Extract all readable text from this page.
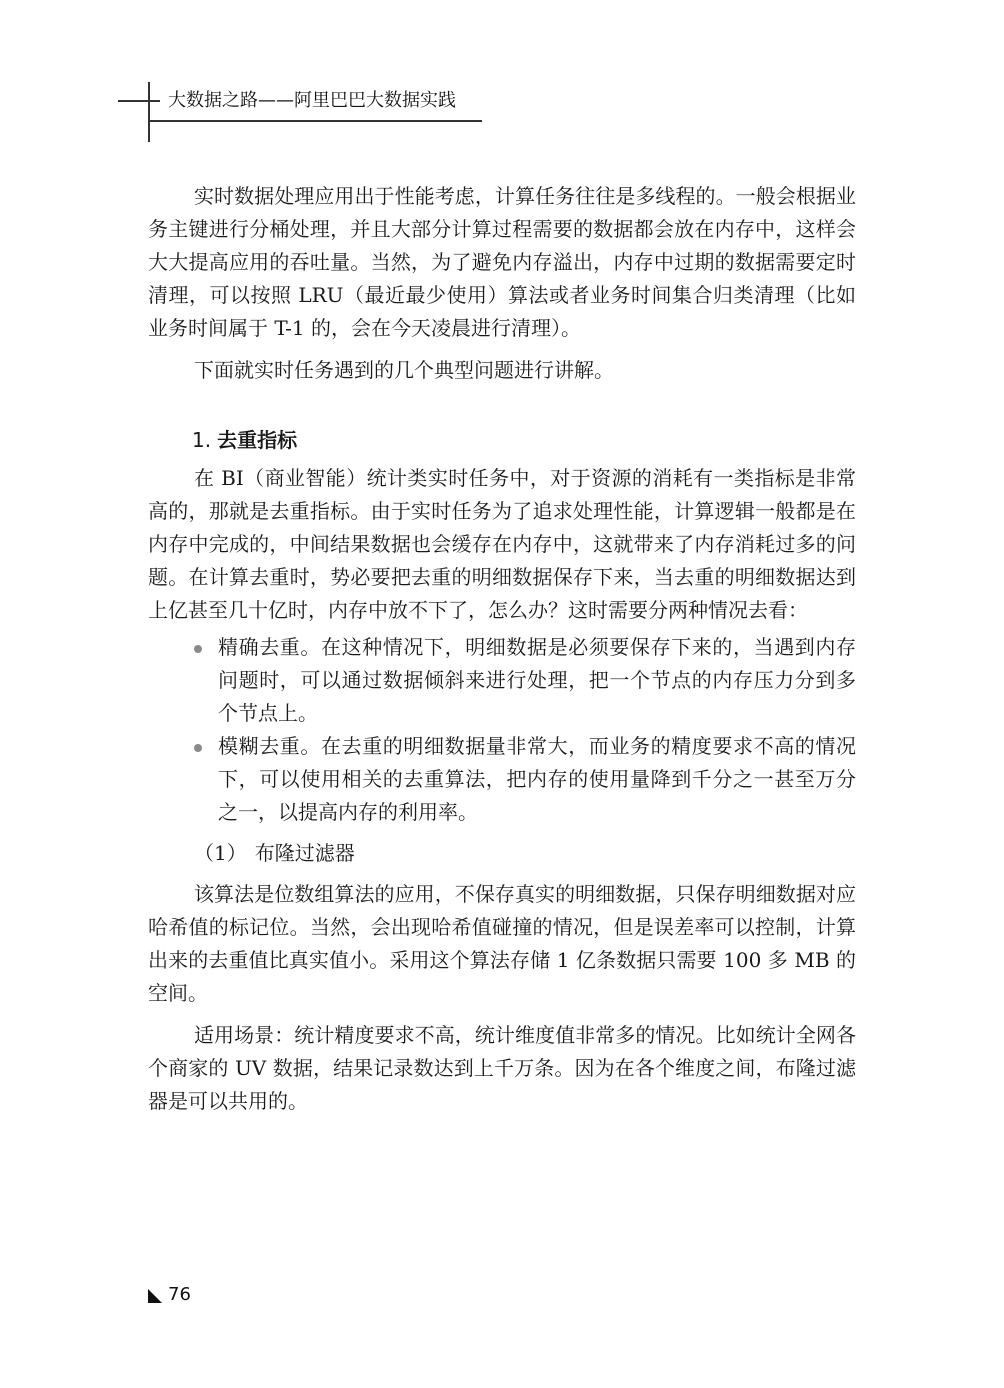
大数据之路——阿里巴巴大数据实践

实时数据处理应用出于性能考虑，计算任务往往是多线程的。一般会根据业务主键进行分桶处理，并且大部分计算过程需要的数据都会放在内存中，这样会大大提高应用的吞吐量。当然，为了避免内存溢出，内存中过期的数据需要定时清理，可以按照 LRU（最近最少使用）算法或者业务时间集合归类清理（比如业务时间属于 T-1 的，会在今天凌晨进行清理）。

下面就实时任务遇到的几个典型问题进行讲解。

1. 去重指标

在 BI（商业智能）统计类实时任务中，对于资源的消耗有一类指标是非常高的，那就是去重指标。由于实时任务为了追求处理性能，计算逻辑一般都是在内存中完成的，中间结果数据也会缓存在内存中，这就带来了内存消耗过多的问题。在计算去重时，势必要把去重的明细数据保存下来，当去重的明细数据达到上亿甚至几十亿时，内存中放不下了，怎么办？这时需要分两种情况去看：

精确去重。在这种情况下，明细数据是必须要保存下来的，当遇到内存问题时，可以通过数据倾斜来进行处理，把一个节点的内存压力分到多个节点上。
模糊去重。在去重的明细数据量非常大，而业务的精度要求不高的情况下，可以使用相关的去重算法，把内存的使用量降到千分之一甚至万分之一，以提高内存的利用率。
（1） 布隆过滤器

该算法是位数组算法的应用，不保存真实的明细数据，只保存明细数据对应哈希值的标记位。当然，会出现哈希值碰撞的情况，但是误差率可以控制，计算出来的去重值比真实值小。采用这个算法存储 1 亿条数据只需要 100 多 MB 的空间。

适用场景：统计精度要求不高，统计维度值非常多的情况。比如统计全网各个商家的 UV 数据，结果记录数达到上千万条。因为在各个维度之间，布隆过滤器是可以共用的。

76
